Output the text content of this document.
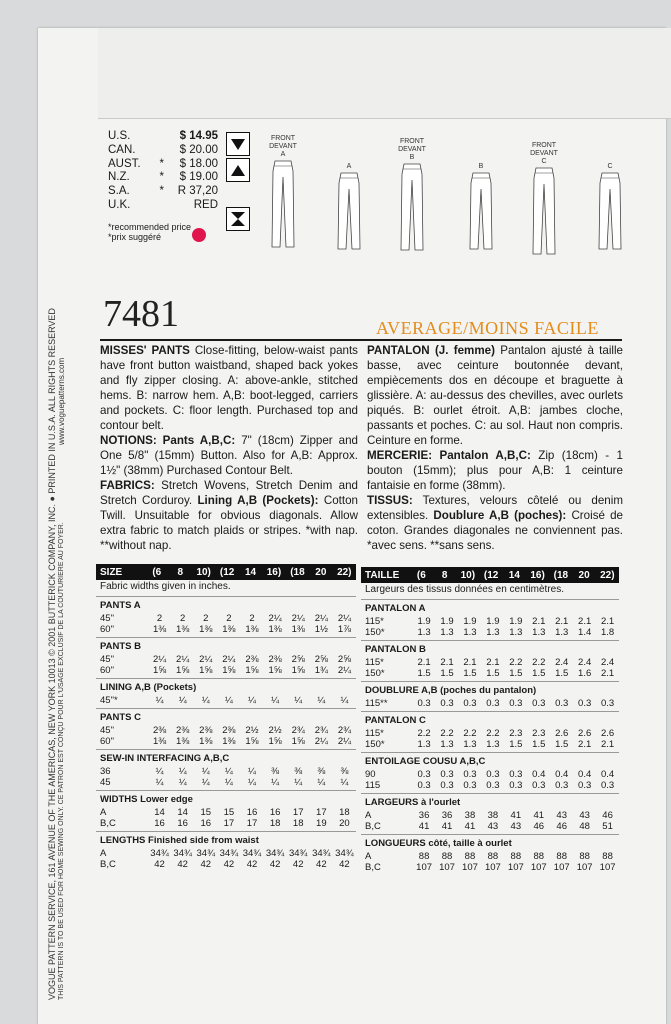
VOGUE PATTERN SERVICE, 161 AVENUE OF THE AMERICAS, NEW YORK 10013 © 2001 BUTTERICK COMPANY, INC. ● PRINTED IN U.S.A. ALL RIGHTS RESERVED THIS PATTERN IS TO BE USED FOR HOME SEWING ONLY. CE PATRON EST CONÇU POUR L'USAGE EXCLUSIF DE LA COUTURIERE AU FOYER.
www.voguepatterns.com
U.S.	$ 14.95
CAN.	$ 20.00
AUST.	*	$ 18.00
N.Z.	*	$ 19.00
S.A.	*	R 37,20
U.K.	RED
*recommended price
*prix suggéré
FRONT
DEVANT
A

A
FRONT
DEVANT
B

B
FRONT
DEVANT
C

C
7481	AVERAGE/MOINS FACILE
MISSES' PANTS Close-fitting, below-waist pants have front button waistband, shaped back yokes and fly zipper closing. A: above-ankle, stitched hems. B: narrow hem. A,B: boot-legged, carriers and pockets. C: floor length. Purchased top and contour belt.
NOTIONS: Pants A,B,C: 7" (18cm) Zipper and One 5/8" (15mm) Button. Also for A,B: Approx. 1½" (38mm) Purchased Contour Belt.
FABRICS: Stretch Wovens, Stretch Denim and Stretch Corduroy. Lining A,B (Pockets): Cotton Twill. Unsuitable for obvious diagonals. Allow extra fabric to match plaids or stripes. *with nap. **without nap.
PANTALON (J. femme) Pantalon ajusté à taille basse, avec ceinture boutonnée devant, empiècements dos en découpe et braguette à glissière. A: au-dessus des chevilles, avec ourlets piqués. B: ourlet étroit. A,B: jambes cloche, passants et poches. C: au sol. Haut non compris. Ceinture en forme.
MERCERIE: Pantalon A,B,C: Zip (18cm) - 1 bouton (15mm); plus pour A,B: 1 ceinture fantaisie en forme (38mm).
TISSUS: Textures, velours côtelé ou denim extensibles. Doublure A,B (poches): Croisé de coton. Grandes diagonales ne conviennent pas. *avec sens. **sans sens.
SIZE	(6	8	10) (12	14	16) (18	20	22)
Fabric widths given in inches.
PANTS A
45"	2	2	2	2	2	2¼	2¼	2¼	2¼
60"	1⅜	1⅜	1⅜	1⅜	1⅜	1⅜	1⅜	1½	1⅞
PANTS B
45"	2¼	2¼	2¼	2¼	2⅜	2⅜	2⅝	2⅝	2⅝
60"	1⅝	1⅝	1⅝	1⅝	1⅝	1⅝	1⅝	1¾	2¼
LINING A,B (Pockets)
45"*	¼	¼	¼	¼	¼	¼	¼	¼	¼
PANTS C
45"	2⅜	2⅜	2⅜	2⅜	2½	2½	2¾	2¾	2¾
60"	1⅜	1⅜	1⅜	1⅜	1⅝	1⅝	1⅝	2¼	2¼
SEW-IN INTERFACING A,B,C
36	¼	¼	¼	¼	¼	⅜	⅜	⅜	⅜
45	¼	¼	¼	¼	¼	¼	¼	¼	¼
WIDTHS Lower edge
A	14	14	15	15	16	16	17	17	18
B,C	16	16	16	17	17	18	18	19	20
LENGTHS Finished side from waist
A	34¾ 34¾ 34¾ 34¾ 34¾ 34¾ 34¾ 34¾ 34¾
B,C	42	42	42	42	42	42	42	42	42
TAILLE	(6	8	10) (12	14	16) (18	20	22)
Largeurs des tissus données en centimètres.
PANTALON A
115*	1.9	1.9	1.9	1.9	1.9	2.1	2.1	2.1	2.1
150*	1.3	1.3	1.3	1.3	1.3	1.3	1.3	1.4	1.8
PANTALON B
115*	2.1	2.1	2.1	2.1	2.2	2.2	2.4	2.4	2.4
150*	1.5	1.5	1.5	1.5	1.5	1.5	1.5	1.6	2.1
DOUBLURE A,B (poches du pantalon)
115**	0.3	0.3	0.3	0.3	0.3	0.3	0.3	0.3	0.3
PANTALON C
115*	2.2	2.2	2.2	2.2	2.3	2.3	2.6	2.6	2.6
150*	1.3	1.3	1.3	1.3	1.5	1.5	1.5	2.1	2.1
ENTOILAGE COUSU A,B,C
90	0.3	0.3	0.3	0.3	0.3	0.4	0.4	0.4	0.4
115	0.3	0.3	0.3	0.3	0.3	0.3	0.3	0.3	0.3
LARGEURS à l'ourlet
A	36	36	38	38	41	41	43	43	46
B,C	41	41	41	43	43	46	46	48	51
LONGUEURS côté, taille à ourlet
A	88	88	88	88	88	88	88	88	88
B,C	107 107 107 107 107 107 107 107 107
